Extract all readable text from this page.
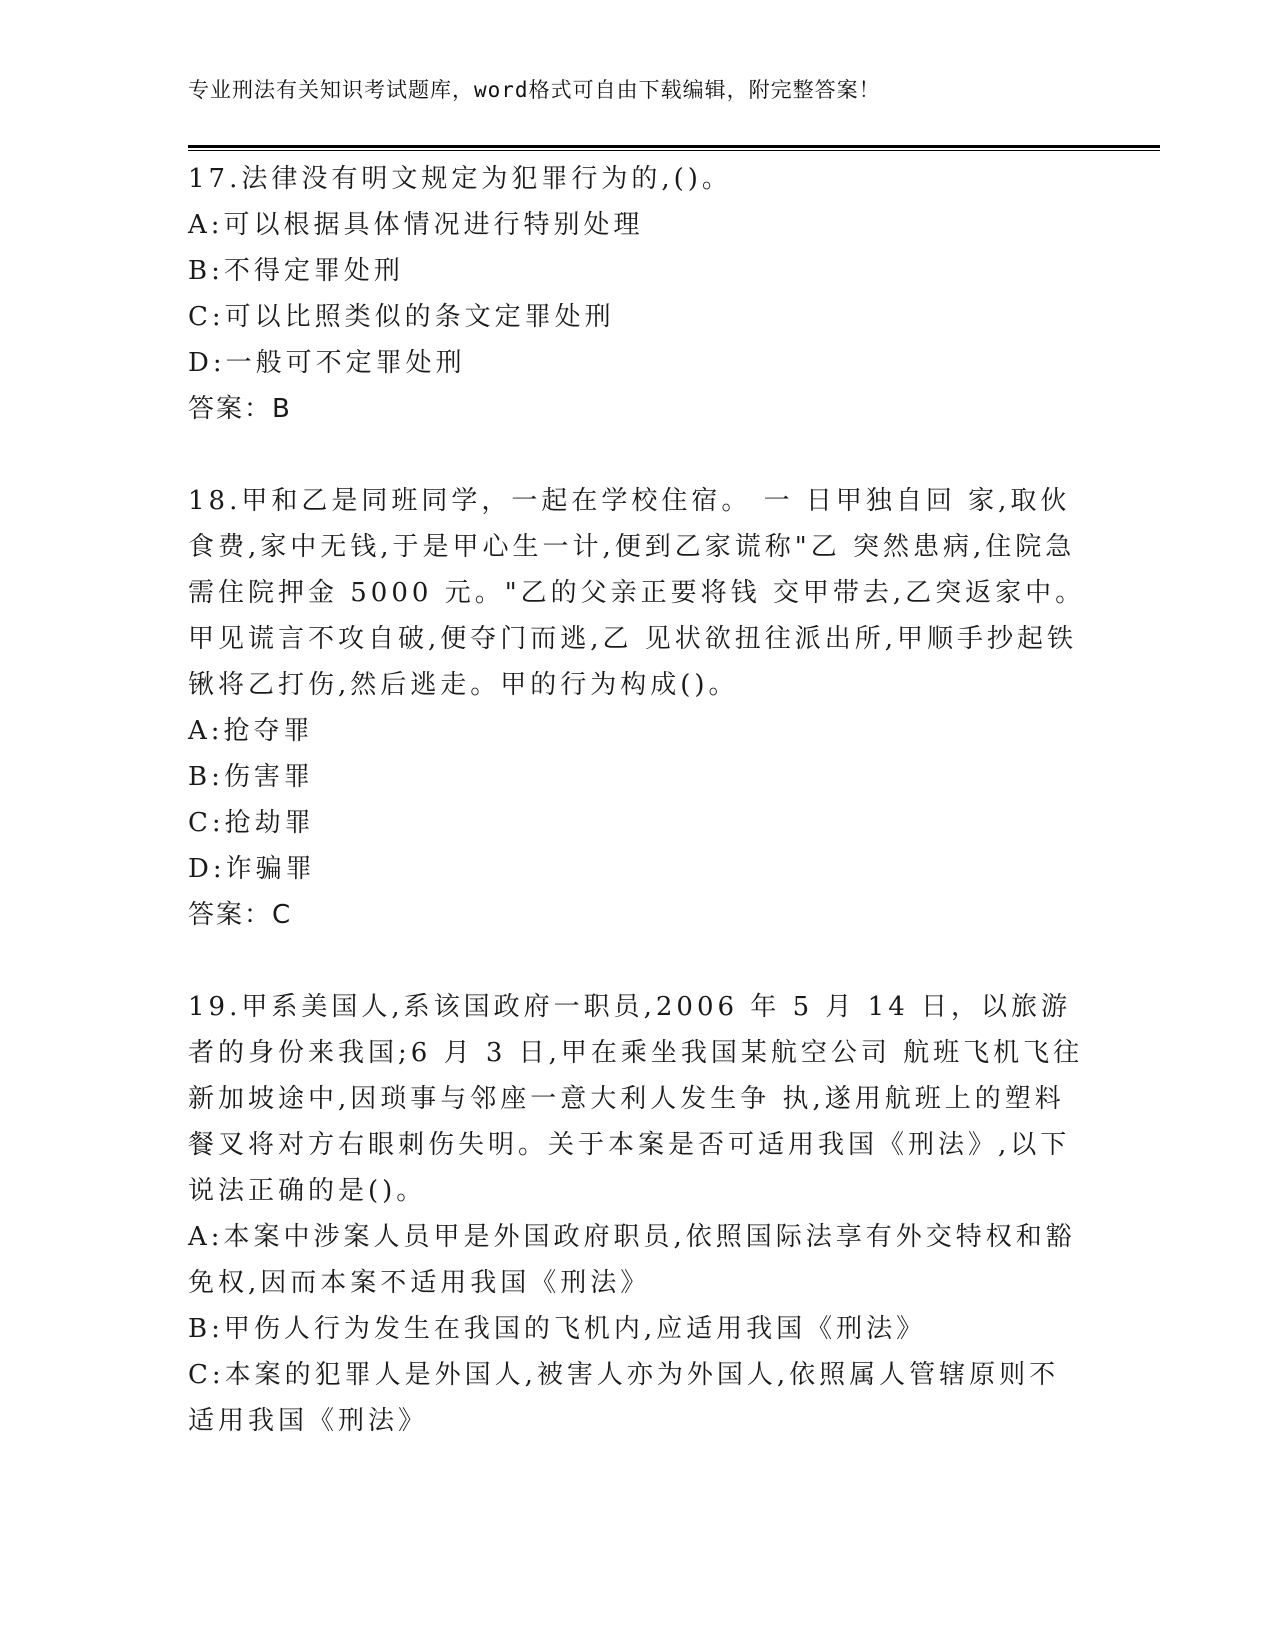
专业刑法有关知识考试题库，word格式可自由下载编辑，附完整答案！

17.法律没有明文规定为犯罪行为的,()。

A:可以根据具体情况进行特别处理

B:不得定罪处刑

C:可以比照类似的条文定罪处刑

D:一般可不定罪处刑

答案：B

18.甲和乙是同班同学，一起在学校住宿。 一 日甲独自回 家,取伙食费,家中无钱,于是甲心生一计,便到乙家谎称"乙 突然患病,住院急需住院押金 5000 元。"乙的父亲正要将钱 交甲带去,乙突返家中。甲见谎言不攻自破,便夺门而逃,乙 见状欲扭往派出所,甲顺手抄起铁锹将乙打伤,然后逃走。甲的行为构成()。

A:抢夺罪

B:伤害罪

C:抢劫罪

D:诈骗罪

答案：C

19.甲系美国人,系该国政府一职员,2006 年 5 月 14 日，以旅游者的身份来我国;6 月 3 日,甲在乘坐我国某航空公司 航班飞机飞往新加坡途中,因琐事与邻座一意大利人发生争 执,遂用航班上的塑料餐叉将对方右眼刺伤失明。关于本案是否可适用我国《刑法》,以下说法正确的是()。

A:本案中涉案人员甲是外国政府职员,依照国际法享有外交特权和豁免权,因而本案不适用我国《刑法》

B:甲伤人行为发生在我国的飞机内,应适用我国《刑法》

C:本案的犯罪人是外国人,被害人亦为外国人,依照属人管辖原则不适用我国《刑法》
